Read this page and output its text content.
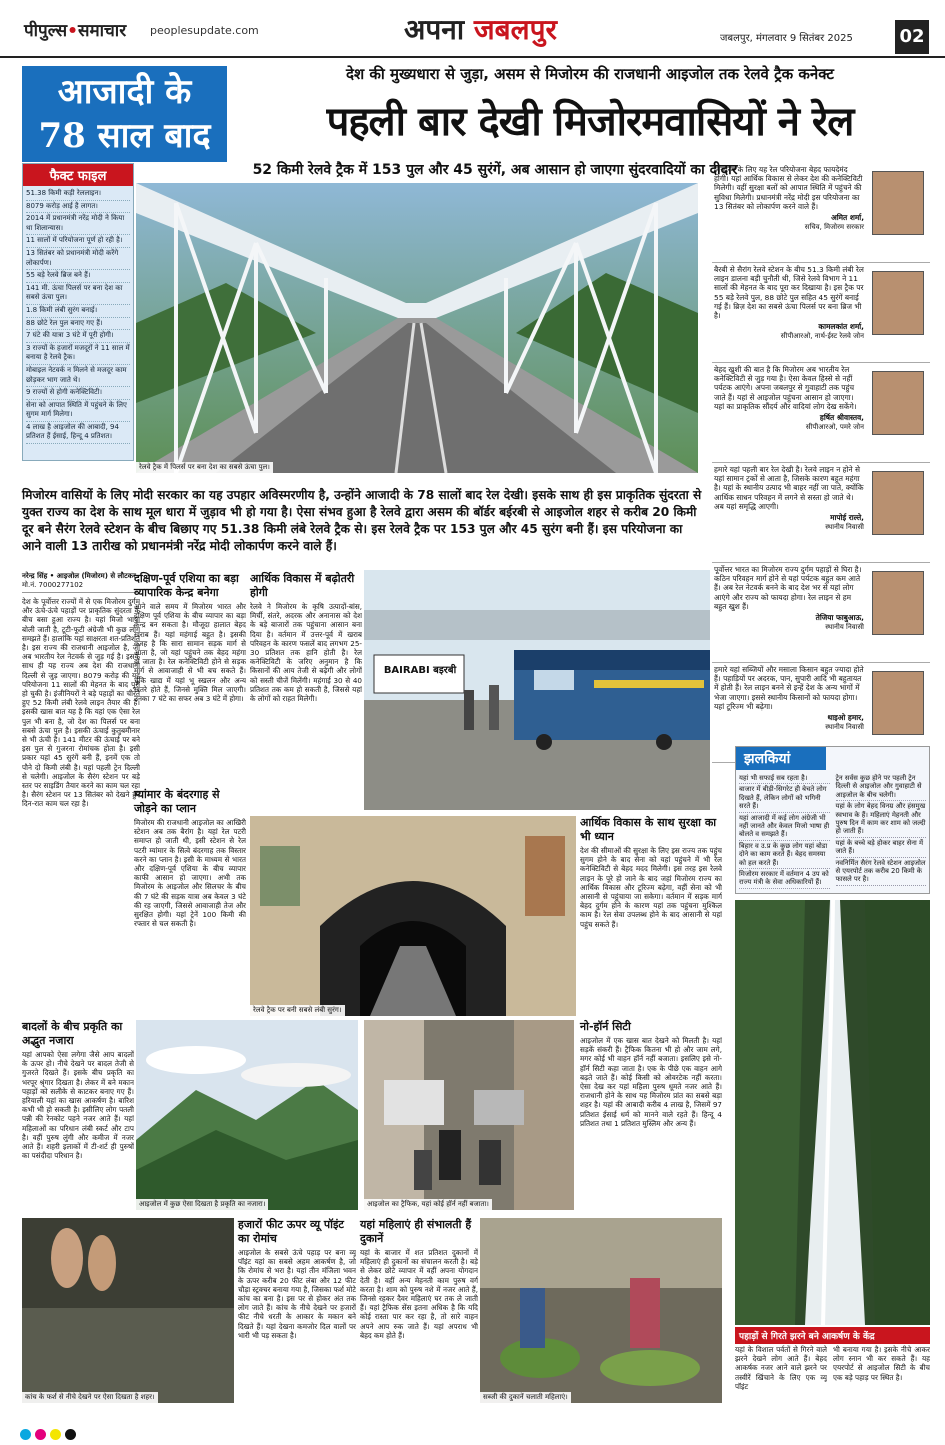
पीपुल्स•समाचार peoplesupdate.com	अपना जबलपुर	जबलपुर, मंगलवार 9 सितंबर 2025	02
आजादी के
78 साल बाद
देश की मुख्यधारा से जुड़ा, असम से मिजोरम की राजधानी आइजोल तक रेलवे ट्रैक कनेक्ट
पहली बार देखी मिजोरमवासियों ने रेल
52 किमी रेलवे ट्रैक में 153 पुल और 45 सुरंगें, अब आसान हो जाएगा सुंदरवादियों का दीदार
फैक्ट फाइल
51.38 किमी कड़ी रेललाइन।
8079 करोड़ आई है लागत।
2014 में प्रधानमंत्री नरेंद्र मोदी ने किया था शिलान्यास।
11 सालों में परियोजना पूर्ण हो रही है।
13 सितंबर को प्रधानमंत्री मोदी करेंगे लोकार्पण।
55 बड़े रेलवे ब्रिज बने हैं।
141 मी. ऊंचा पिलर्स पर बना देश का सबसे ऊंचा पुल।
1.8 किमी लंबी सुरंग बनाई।
88 छोटे रेल पुल बनाए गए हैं।
7 घंटे की यात्रा 3 घंटे में पूरी होगी।
3 राज्यों के हजारों मजदूरों ने 11 साल में बनाया है रेलवे ट्रैक।
मोबाइल नेटवर्क न मिलने से मजदूर काम छोड़कर भाग जाते थे।
9 राज्यों से होगी कनेक्टिविटी।
सेना को आपात स्थिति में पहुंचने के लिए सुगम मार्ग मिलेगा।
4 लाख है आइजोल की आबादी, 94 प्रतिशत हैं ईसाई, हिन्दू 4 प्रतिशत।
रेलवे ट्रैक में पिलर्स पर बना देश का सबसे ऊंचा पुल।
मिजोरम वासियों के लिए मोदी सरकार का यह उपहार अविस्मरणीय है, उन्होंने आजादी के 78 सालों बाद रेल देखी। इसके साथ ही इस प्राकृतिक सुंदरता से युक्त राज्य का देश के साथ मूल धारा में जुड़ाव भी हो गया है। ऐसा संभव हुआ है रेलवे द्वारा असम की बॉर्डर बईरबी से आइजोल शहर से करीब 20 किमी दूर बने सैरंग रेलवे स्टेशन के बीच बिछाए गए 51.38 किमी लंबे रेलवे ट्रैक से। इस रेलवे ट्रैक पर 153 पुल और 45 सुरंग बनी हैं। इस परियोजना का आने वाली 13 तारीख को प्रधानमंत्री नरेंद्र मोदी लोकार्पण करने वाले हैं।
मिजोरम के लिए यह रेल परियोजना बेहद फायदेमंद होगी। यहां आर्थिक विकास से लेकर देश की कनेक्टिविटी मिलेगी। वहीं सुरक्षा बलों को आपात स्थिति में पहुंचने की सुविधा मिलेगी। प्रधानमंत्री नरेंद्र मोदी इस परियोजना का 13 सितंबर को लोकार्पण करने वाले हैं।
अमित शर्मा,
सचिव, मिजोरम सरकार
बैरबी से सैरांग रेलवे स्टेशन के बीच 51.3 किमी लंबी रेल लाइन डालना बड़ी चुनौती थी, जिसे रेलवे विभाग ने 11 सालों की मेहनत के बाद पूरा कर दिखाया है। इस ट्रैक पर 55 बड़े रेलवे पुल, 88 छोटे पुल सहित 45 सुरंगें बनाई गई हैं। ब्रिज़ देश का सबसे ऊंचा पिलर्स पर बना ब्रिज भी है।
कामलकांत शर्मा,
सीपीआरओ, नार्थ-ईस्ट रेलवे जोन
बेहद खुशी की बात है कि मिजोरम अब भारतीय रेल कनेक्टिविटी से जुड़ गया है। ऐसा केवल हिस्से से नहीं पर्यटक आएंगे। अपना जबलपुर से गुवाहाटी तक पहुंच जाते हैं। यहां से आइजोल पहुंचना आसान हो जाएगा। यहां का प्राकृतिक सौंदर्य और वादियां लोग देख सकेंगे।
हर्षित श्रीवास्तव,
सीपीआरओ, पमरे जोन
हमारे यहां पहली बार रेल देखी है। रेलवे लाइन न होने से यहां सामान ट्रकों से आता है, जिसके कारण बहुत महंगा है। यहां के स्थानीय उत्पाद भी बाहर नहीं जा पाते, क्योंकि आर्थिक साधन परिवहन में लगने से सस्ता हो जाते थे। अब यहां समृद्धि आएगी।
मापोई राल्ते,
स्थानीय निवासी
पूर्वोत्तर भारत का मिजोरम राज्य दुर्गम पहाड़ों से घिरा है। कठिन परिवहन मार्ग होने से यहां पर्यटक बहुत कम आते हैं। अब रेल नेटवर्क बनने के बाद देश भर से यहां लोग आएंगे और राज्य को फायदा होगा। रेल लाइन से हम बहुत खुश हैं।
तेजिया फाबुआऊ,
स्थानीय निवासी
हमारे यहां सब्जियों और मसाला किसान बहुत ज्यादा होते हैं। पहाड़ियों पर अदरक, पान, सुपारी आदि भी बहुतायत में होती हैं। रेल लाइन बनने से इन्हें देश के अन्य भागों में भेजा जाएगा। इससे स्थानीय किसानों को फायदा होगा। यहां टूरिज्म भी बढ़ेगा।
थाइओ हमार,
स्थानीय निवासी
नरेन्द्र सिंह • आइजोल (मिजोरम) से लौटकर
मो.नं. 7000277102
देश के पूर्वोत्तर राज्यों में से एक मिजोरम दुर्गम और ऊंचे-ऊंचे पहाड़ों पर प्राकृतिक सुंदरता के बीच बसा हुआ राज्य है। यहां मिजो भाषा बोली जाती है, टूटी-फूटी अंग्रेजी भी कुछ लोग समझते हैं। हालांकि यहां साक्षरता शत-प्रतिशत है। इस राज्य की राजधानी आइजोल है, जो अब भारतीय रेल नेटवर्क से जुड़ गई है। इसके साथ ही यह राज्य अब देश की राजधानी दिल्ली से जुड़ जाएगा। 8079 करोड़ की यह परियोजना 11 सालों की मेहनत के बाद पूरी हो चुकी है। इंजीनियरों ने बड़े पहाड़ों का चीरते हुए 52 किमी लंबी रेलवे लाइन तैयार की है। इसकी खास बात यह है कि यहां एक ऐसा रेल पुल भी बना है, जो देश का पिलर्स पर बना सबसे ऊंचा पुल है। इसकी ऊंचाई कुतुबमीनार से भी ऊंची है। 141 मीटर की ऊंचाई पर बने इस पुल से गुजरना रोमांचक होता है। इसी प्रकार यहां 45 सुरंगें बनी हैं, इनमें एक तो पौने दो किमी लंबी है। यहां पहली ट्रेन दिल्ली से चलेगी। आइजोल के सैरंग स्टेशन पर बड़े स्तर पर साइडिंग तैयार करने का काम चल रहा है। सैरंग स्टेशन पर 13 सितंबर को देखने हुए दिन-रात काम चल रहा है।
दक्षिण-पूर्व एशिया का बड़ा व्यापारिक केन्द्र बनेगा
आने वाले समय में मिजोरम भारत और दक्षिण पूर्व एशिया के बीच व्यापार का बड़ा केन्द्र बन सकता है। मौजूदा हालात बेहद खराब हैं। यहां महंगाई बहुत है। इसकी वजह है कि सारा सामान सड़क मार्ग से आता है, जो यहां पहुंचने तक बेहद महंगा हो जाता है। रेल कनेक्टिविटी होने से सड़क मार्ग से आवाजाही से भी बच सकते हैं। चूंकि खाद्य में यहां भू स्खलन और अन्य खतरे होते हैं, जिनसे मुक्ति मिल जाएगी। उनका 7 घंटे का सफर अब 3 घंटे में होगा।
म्यांमार के बंदरगाह से जोड़ने का प्लान
मिजोरम की राजधानी आइजोल का आखिरी स्टेशन अब तक बैरांग है। यहां रेल पटरी समाप्त हो जाती थी, इसी स्टेशन से रेल पटरी म्यांमार के सित्वे बंदरगाह तक विस्तार करने का प्लान है। इसी के माध्यम से भारत और दक्षिण-पूर्व एशिया के बीच व्यापार काफी आसान हो जाएगा। अभी तक मिजोरम के आइजोल और सिलचर के बीच की 7 घंटे की सड़क यात्रा अब केवल 3 घंटे की रह जाएगी, जिससे आवाजाही तेज और सुरक्षित होगी। यहां ट्रेनें 100 किमी की रफ्तार से चल सकती है।
आर्थिक विकास में बढ़ोतरी होगी
रेलवे ने मिजोरम के कृषि उत्पादों-बांस, मिर्ची, संतरे, अदरक और अनानास को देश के बड़े बाजारों तक पहुंचाना आसान बना दिया है। वर्तमान में उत्तर-पूर्व में खराब परिवहन के कारण फसलें बाद लगभग 25-30 प्रतिशत तक हानि होती है। रेल कनेक्टिविटी के जरिए अनुमान है कि किसानों की आय तेजी से बढ़ेगी और लोगों को सस्ती चीजें मिलेंगी। महंगाई 30 से 40 प्रतिशत तक कम हो सकती है, जिससे यहां के लोगों को राहत मिलेगी।
BAIRABI बइरबी
रेलवे ट्रैक पर बनी सबसे लंबी सुरंग।
आर्थिक विकास के साथ सुरक्षा का भी ध्यान
देश की सीमाओं की सुरक्षा के लिए इस राज्य तक पहुंच सुगम होने के बाद सेना को यहां पहुंचने में भी रेल कनेक्टिविटी से बेहद मदद मिलेगी। इस तरह इस रेलवे लाइन के पूरे हो जाने के बाद जहां मिजोरम राज्य का आर्थिक विकास और टूरिज्म बढ़ेगा, वहीं सेना को भी आसानी से पहुंचाया जा सकेगा। वर्तमान में सड़क मार्ग बेहद दुर्गम होने के कारण यहां तक पहुंचना मुश्किल काम है। रेल सेवा उपलब्ध होने के बाद आसानी से यहां पहुंच सकते हैं।
झलकियां
यहां भी सफाई सब रहता है।
बाजार में बीड़ी-सिगरेट ही बेचते लोग दिखते हैं, लेकिन लोगों को भगिनी सरते हैं।
यहां आजादी में कई लोग अंग्रेजी भी नहीं जानते और केवल मिजो भाषा ही बोलते व समझते हैं।
बिहार व उ.प्र के कुछ लोग यहां बोडा दोने का काम करते हैं। बेहद समस्या को हल करते हैं।
मिजोरम सरकार में वर्तमान 4 उप को राज्य मंत्री के सेवा अधिकारियों हैं।
ट्रेन सर्वस कुछ होने पर पहली ट्रेन दिल्ली से आइजोल और गुवाहाटी से आइजोल के बीच चलेगी।
यहां के लोग बेहद विनम्र और हंसमुख स्वभाव के हैं। महिलाएं मेहनती और पुरुष दिन में काम कर शाम को जल्दी हो जाती हैं।
यहां के बच्चे बड़े होकर बाहर सेना में जाते हैं।
नवनिर्मित सैरंग रेलवे स्टेशन आइजोल से एयरपोर्ट तक करीब 20 किमी के फासले पर है।
पहाड़ों से गिरते झरने बने आकर्षण के केंद्र
बादलों के बीच प्रकृति का अद्भुत नजारा
यहां आपको ऐसा लगेगा जैसे आप बादलों के ऊपर हो। नीचे देखने पर बादल तेजी से गुजरते दिखते हैं। इसके बीच प्रकृति का भरपूर श्रृंगार दिखता है। लेकर में बने मकान पहाड़ों को सलीके से काटकर बनाए गए हैं। हरियाली यहां का खास आकर्षण है। बारिश कभी भी हो सकती है। इसीलिए लोग पतली पन्नी की रेनकोट पहने नजर आते हैं। यहां महिलाओं का परिधान लंबी स्कर्ट और टाप है। वहीं पुरुष लुंगी और कमीज में नजर आते हैं। शहरी इलाकों में टी-शर्ट ही पुरुषों का पसंदीदा परिधान है।
आइजोल में कुछ ऐसा दिखता है प्रकृति का नजारा।	आइजोल का ट्रैफिक, यहां कोई हॉर्न नहीं बजाता।
नो-हॉर्न सिटी
आइजोल में एक खास बात देखने को मिलती है। यहां सड़कें संकरी हैं। ट्रैफिक कितना भी हो और जाम लगे, मगर कोई भी वाहन हॉर्न नहीं बजाता। इसलिए इसे नो-हॉर्न सिटी कहा जाता है। एक के पीछे एक वाहन आगे बढ़ते जाते हैं। कोई किसी को ओवरटेक नहीं करता। ऐसा देख कर यहां महिला पुरुष धूमते नजर आते हैं। राजधानी होने के साथ यह मिजोरम प्रांत का सबसे बड़ा शहर है। यहां की आबादी करीब 4 लाख है, जिसमें 97 प्रतिशत ईसाई धर्म को मानने वाले रहते हैं। हिन्दू 4 प्रतिशत तथा 1 प्रतिशत मुस्लिम और अन्य हैं।
कांच के फर्श से नीचे देखने पर ऐसा दिखता है शहर।
हजारों फीट ऊपर व्यू पॉइंट का रोमांच
आइजोल के सबसे ऊंचे पहाड़ पर बना व्यू पॉइंट यहां का सबसे अहम आकर्षण है, जो कि रोमांच से भरा है। यहां तीन मंजिला भवन के ऊपर करीब 20 फीट लंबा और 12 फीट चौड़ा स्ट्रक्चर बनाया गया है, जिसका फर्श मोटे कांच का बना है। इस पर से होकर अंत तक लोग जाते हैं। कांच के नीचे देखने पर हजारों फीट नीचे धरती के आकार के मकान बने दिखते हैं। यहां देखना कमजोर दिल वालों पर भारी भी पड़ सकता है।
यहां महिलाएं ही संभालती हैं दुकानें
यहां के बाजार में शत प्रतिशत दुकानों में महिलाएं ही दुकानों का संचालन करती है। बड़े से लेकर छोटे व्यापार में वहीं अपना योगदान देती है। वहीं अन्य मेहनती काम पुरुष वर्ग करता है। शाम को पुरुष नशे में नजर आते हैं, जिनसे रहकर दैवर महिलाएं घर तक ले जाती हैं। यहां ट्रैफिक सेंस इतना अधिक है कि यदि कोई रास्ता पार कर रहा है, तो सारे वाहन अपने आप रुक जाते हैं। यहां अपराध भी बेहद कम होते हैं।
सब्जी की दुकानें चलाती महिलाएं।
यहां के विशाल पर्वतों से गिरने वाले झरने देखने लोग आते हैं। बेहद आकर्षक नजर आने वाले झरने पर तस्वीरें खिंचाने के लिए एक व्यू पॉइंट
भी बनाया गया है। इसके नीचे आकर लोग स्नान भी कर सकते हैं। यह एयरपोर्ट से आइजोल सिटी के बीच एक बड़े पहाड़ पर स्थित है।
